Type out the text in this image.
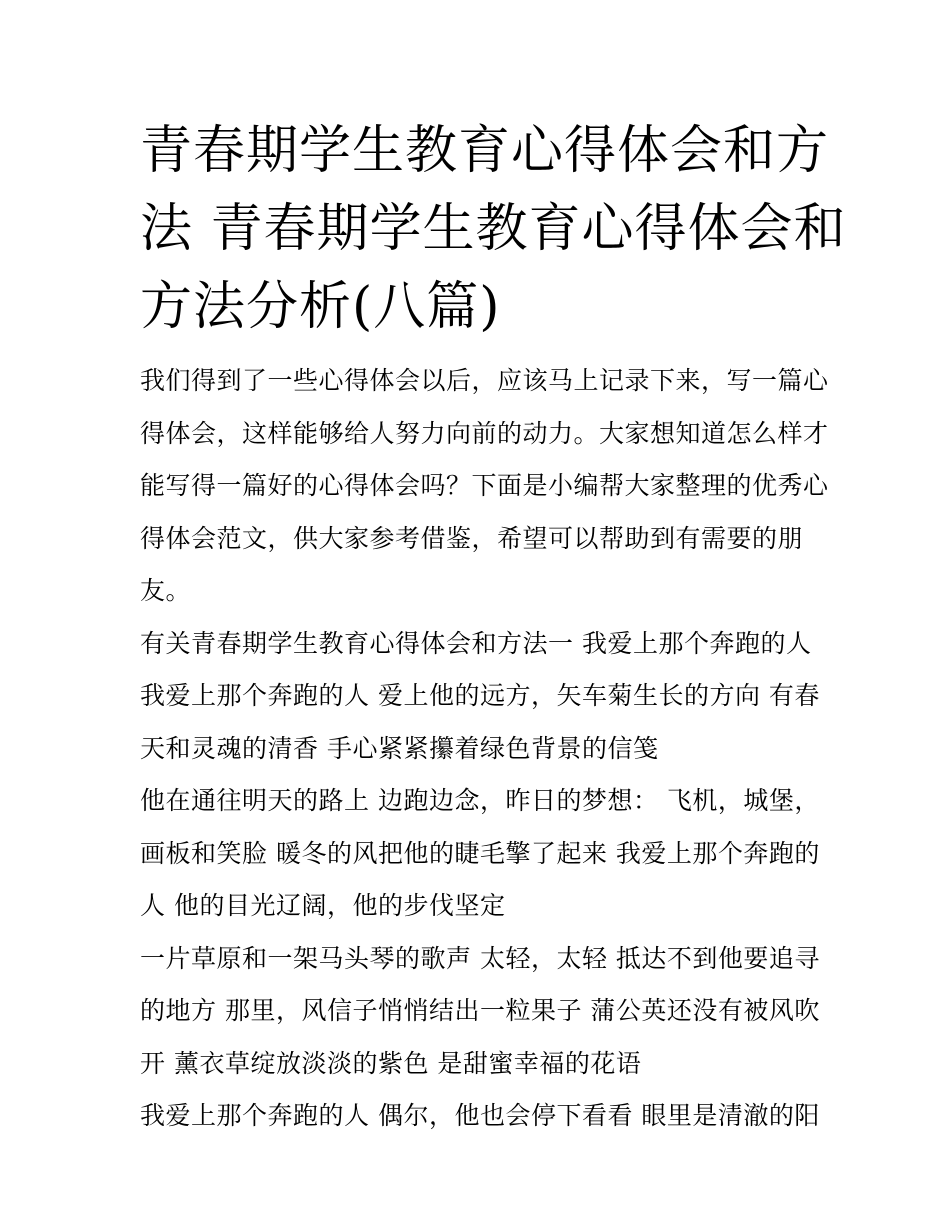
青春期学生教育心得体会和方
法 青春期学生教育心得体会和
方法分析(八篇)
我们得到了一些心得体会以后，应该马上记录下来，写一篇心
得体会，这样能够给人努力向前的动力。大家想知道怎么样才
能写得一篇好的心得体会吗？下面是小编帮大家整理的优秀心
得体会范文，供大家参考借鉴，希望可以帮助到有需要的朋
友。
有关青春期学生教育心得体会和方法一 我爱上那个奔跑的人
我爱上那个奔跑的人 爱上他的远方，矢车菊生长的方向 有春
天和灵魂的清香 手心紧紧攥着绿色背景的信笺
他在通往明天的路上 边跑边念，昨日的梦想： 飞机，城堡，
画板和笑脸 暖冬的风把他的睫毛擎了起来 我爱上那个奔跑的
人 他的目光辽阔，他的步伐坚定
一片草原和一架马头琴的歌声 太轻，太轻 抵达不到他要追寻
的地方 那里，风信子悄悄结出一粒果子 蒲公英还没有被风吹
开 薰衣草绽放淡淡的紫色 是甜蜜幸福的花语
我爱上那个奔跑的人 偶尔，他也会停下看看 眼里是清澈的阳
